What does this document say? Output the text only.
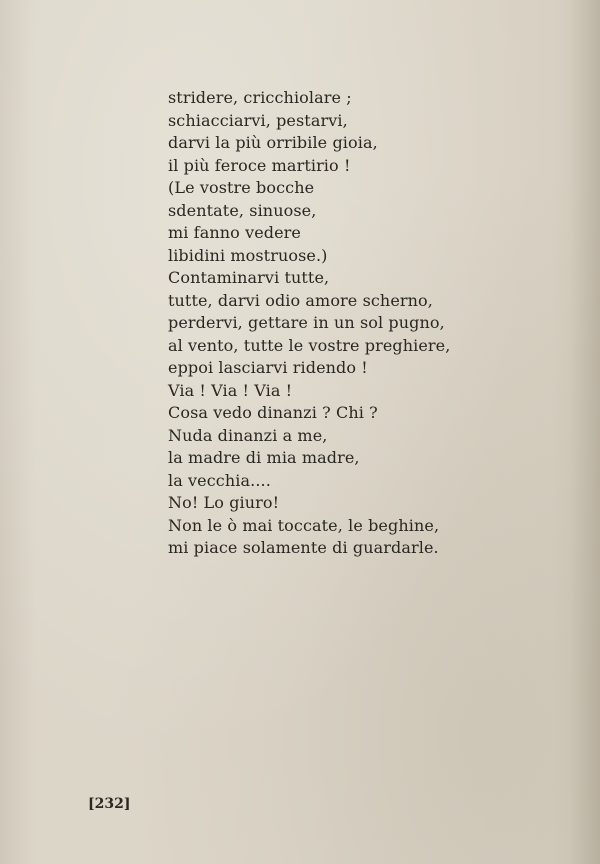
stridere, cricchiolare ;
schiacciarvi, pestarvi,
darvi la più orribile gioia,
il più feroce martirio !
(Le vostre bocche
sdentate, sinuose,
mi fanno vedere
libidini mostruose.)
Contaminarvi tutte,
tutte, darvi odio amore scherno,
perdervi, gettare in un sol pugno,
al vento, tutte le vostre preghiere,
eppoi lasciarvi ridendo !
Via ! Via ! Via !
Cosa vedo dinanzi ? Chi ?
Nuda dinanzi a me,
la madre di mia madre,
la vecchia....
No! Lo giuro!
Non le ò mai toccate, le beghine,
mi piace solamente di guardarle.
[232]
